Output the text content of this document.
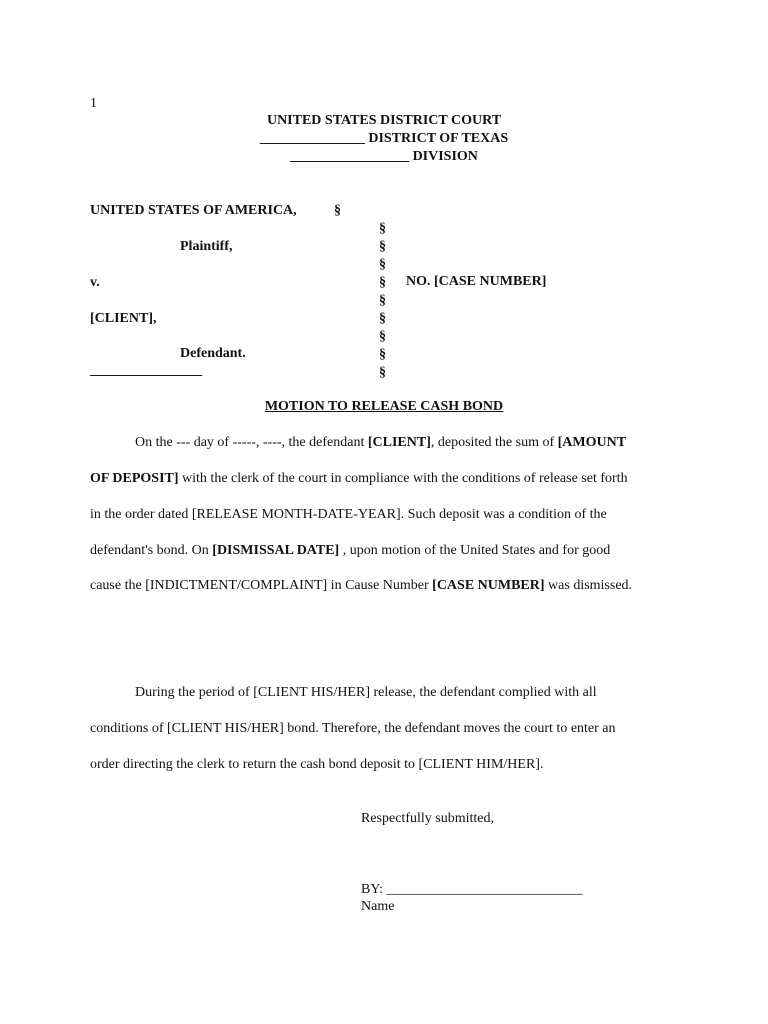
1
UNITED STATES DISTRICT COURT
_______________ DISTRICT OF TEXAS
_________________ DIVISION
UNITED STATES OF AMERICA,
Plaintiff,
v.
[CLIENT],
Defendant.
________________
NO. [CASE NUMBER]
§
§
§
§
§
§
§
§
§
§
MOTION TO RELEASE CASH BOND
On the --- day of -----, ----, the defendant [CLIENT], deposited the sum of [AMOUNT
OF DEPOSIT] with the clerk of the court in compliance with the conditions of release set forth
in the order dated [RELEASE MONTH-DATE-YEAR]. Such deposit was a condition of the
defendant's bond. On [DISMISSAL DATE] , upon motion of the United States and for good
cause the [INDICTMENT/COMPLAINT] in Cause Number [CASE NUMBER] was dismissed.
During the period of [CLIENT HIS/HER] release, the defendant complied with all
conditions of [CLIENT HIS/HER] bond. Therefore, the defendant moves the court to enter an
order directing the clerk to return the cash bond deposit to [CLIENT HIM/HER].
Respectfully submitted,
BY: ____________________________
Name
